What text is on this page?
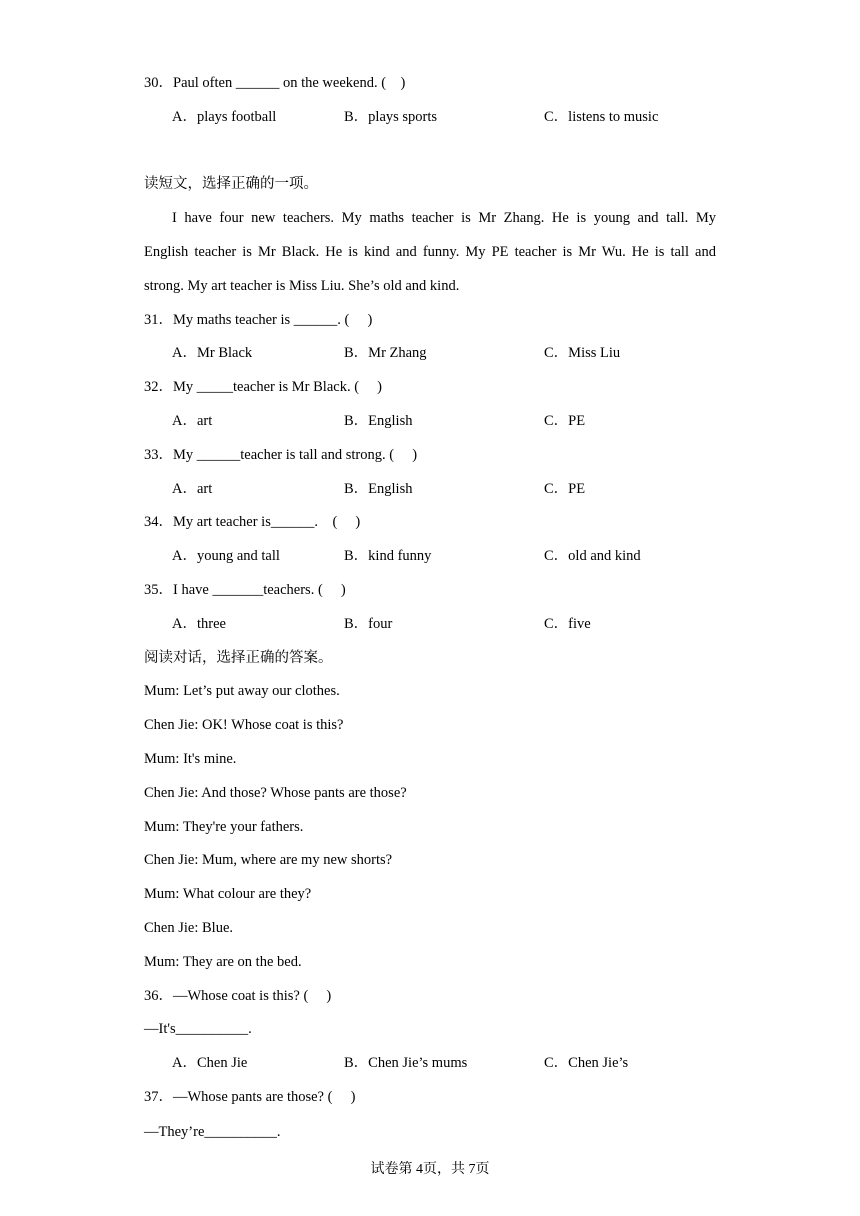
30．Paul often ______ on the weekend. (    )
A．plays football	B．plays sports	C．listens to music
读短文，选择正确的一项。
I have four new teachers. My maths teacher is Mr Zhang. He is young and tall. My
English teacher is Mr Black. He is kind and funny. My PE teacher is Mr Wu. He is tall and
strong. My art teacher is Miss Liu. She’s old and kind.
31．My maths teacher is ______. (     )
A．Mr Black	B．Mr Zhang	C．Miss Liu
32．My _____teacher is Mr Black. (     )
A．art	B．English	C．PE
33．My ______teacher is tall and strong. (     )
A．art	B．English	C．PE
34．My art teacher is______.    (     )
A．young and tall	B．kind funny	C．old and kind
35．I have _______teachers. (     )
A．three	B．four	C．five
阅读对话，选择正确的答案。
Mum: Let’s put away our clothes.
Chen Jie: OK! Whose coat is this?
Mum: It's mine.
Chen Jie: And those? Whose pants are those?
Mum: They're your fathers.
Chen Jie: Mum, where are my new shorts?
Mum: What colour are they?
Chen Jie: Blue.
Mum: They are on the bed.
36．—Whose coat is this? (     )
—It's__________.
A．Chen Jie	B．Chen Jie’s mums	C．Chen Jie’s
37．—Whose pants are those? (     )
—They’re__________.
试卷第 4页，共 7页
